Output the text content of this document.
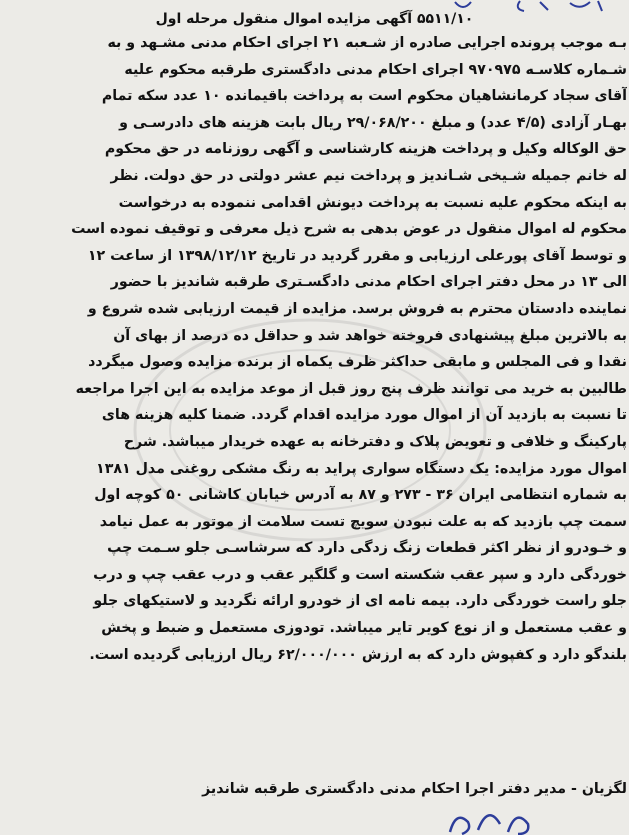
۵۵۱۱/۱۰ آگهی مزایده اموال منقول مرحله اول
بـه موجب پرونده اجرایی صادره از شـعبه ۲۱ اجرای احکام مدنی مشـهد و به
شـماره کلاسـه ۹۷۰۹۷۵ اجرای احکام مدنی دادگستری طرقبه محکوم علیه
آقای سجاد کرمانشاهیان محکوم است به پرداخت باقیمانده ۱۰ عدد سکه تمام
بهـار آزادی (۴/۵ عدد) و مبلغ ۲۹/۰۶۸/۲۰۰ ریال بابت هزینه های دادرسـی و
حق الوکاله وکیل و پرداخت هزینه کارشناسی و آگهی روزنامه در حق محکوم
له خانم جمیله شـیخی شـاندیز و پرداخت نیم عشر دولتی در حق دولت. نظر
به اینکه محکوم علیه نسبت به پرداخت دیونش اقدامی ننموده به درخواست
محکوم له اموال منقول در عوض بدهی به شرح ذیل معرفی و توقیف نموده است
و توسط آقای پورعلی ارزیابی و مقرر گردید در تاریخ ۱۳۹۸/۱۲/۱۲ از ساعت ۱۲
الی ۱۳ در محل دفتر اجرای احکام مدنی دادگسـتری طرقبه شاندیز با حضور
نماینده دادستان محترم به فروش برسد. مزایده از قیمت ارزیابی شده شروع و
به بالاترین مبلغ پیشنهادی فروخته خواهد شد و حداقل ده درصد از بهای آن
نقدا و فی المجلس و مابقی حداکثر ظرف یکماه از برنده مزایده وصول میگردد
طالبین به خرید می توانند ظرف پنج روز قبل از موعد مزایده به این اجرا مراجعه
تا نسبت به بازدید آن از اموال مورد مزایده اقدام گردد. ضمنا کلیه هزینه های
پارکینگ و خلافی و تعویض پلاک و دفترخانه به عهده خریدار میباشد. شرح
اموال مورد مزایده: یک دستگاه سواری پراید به رنگ مشکی روغنی مدل ۱۳۸۱
به شماره انتظامی ایران ۳۶ - ۲۷۳ و ۸۷ به آدرس خیابان کاشانی ۵۰ کوچه اول
سمت چپ بازدید که به علت نبودن سویچ تست سلامت از موتور به عمل نیامد
و خـودرو از نظر اکثر قطعات زنگ زدگی دارد که سرشاسـی جلو سـمت چپ
خوردگی دارد و سپر عقب شکسته است و گلگیر عقب و درب عقب چپ و درب
جلو راست خوردگی دارد. بیمه نامه ای از خودرو ارائه نگردید و لاستیکهای جلو
و عقب مستعمل و از نوع کویر تایر میباشد. تودوزی مستعمل و ضبط و پخش
بلندگو دارد و کفپوش دارد که به ارزش ۶۲/۰۰۰/۰۰۰ ریال ارزیابی گردیده است.
لگزیان - مدیر دفتر اجرا احکام مدنی دادگستری طرقبه شاندیز
